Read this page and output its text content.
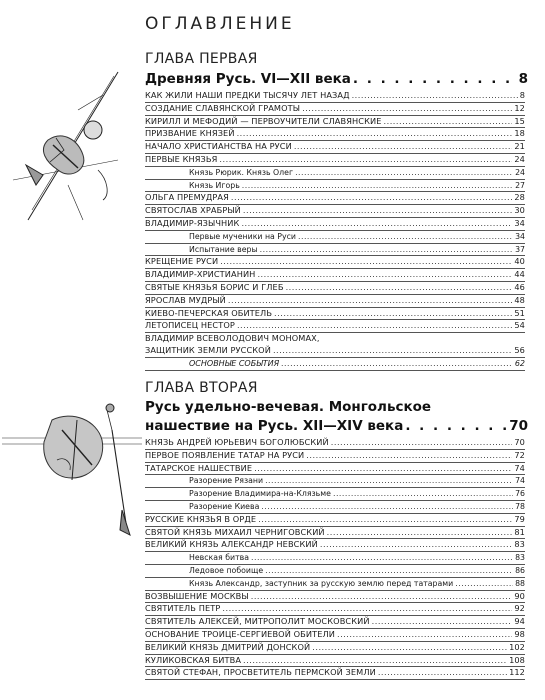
ОГЛАВЛЕНИЕ
ГЛАВА ПЕРВАЯ
Древняя Русь. VI—XII века . . .	8
КАК ЖИЛИ НАШИ ПРЕДКИ ТЫСЯЧУ ЛЕТ НАЗАД .....	8
СОЗДАНИЕ СЛАВЯНСКОЙ ГРАМОТЫ .....	12
КИРИЛЛ И МЕФОДИЙ — ПЕРВОУЧИТЕЛИ СЛАВЯНСКИЕ .....	15
ПРИЗВАНИЕ КНЯЗЕЙ .....	18
НАЧАЛО ХРИСТИАНСТВА НА РУСИ .....	21
ПЕРВЫЕ КНЯЗЬЯ .....	24
Князь Рюрик. Князь Олег .....	24
Князь Игорь .....	27
ОЛЬГА ПРЕМУДРАЯ .....	28
СВЯТОСЛАВ ХРАБРЫЙ .....	30
ВЛАДИМИР-ЯЗЫЧНИК .....	34
Первые мученики на Руси .....	34
Испытание веры .....	37
КРЕЩЕНИЕ РУСИ .....	40
ВЛАДИМИР-ХРИСТИАНИН .....	44
СВЯТЫЕ КНЯЗЬЯ БОРИС И ГЛЕБ .....	46
ЯРОСЛАВ МУДРЫЙ .....	48
КИЕВО-ПЕЧЕРСКАЯ ОБИТЕЛЬ .....	51
ЛЕТОПИСЕЦ НЕСТОР .....	54
ВЛАДИМИР ВСЕВОЛОДОВИЧ МОНОМАХ,
ЗАЩИТНИК ЗЕМЛИ РУССКОЙ .....	56
ОСНОВНЫЕ СОБЫТИЯ .....	62
ГЛАВА ВТОРАЯ
Русь удельно-вечевая. Монгольское
нашествие на Русь. XII—XIV века . . .	70
КНЯЗЬ АНДРЕЙ ЮРЬЕВИЧ БОГОЛЮБСКИЙ .....	70
ПЕРВОЕ ПОЯВЛЕНИЕ ТАТАР НА РУСИ .....	72
ТАТАРСКОЕ НАШЕСТВИЕ .....	74
Разорение Рязани .....	74
Разорение Владимира-на-Клязьме .....	76
Разорение Киева .....	78
РУССКИЕ КНЯЗЬЯ В ОРДЕ .....	79
СВЯТОЙ КНЯЗЬ МИХАИЛ ЧЕРНИГОВСКИЙ .....	81
ВЕЛИКИЙ КНЯЗЬ АЛЕКСАНДР НЕВСКИЙ .....	83
Невская битва .....	83
Ледовое побоище .....	86
Князь Александр, заступник за русскую землю перед татарами .....	88
ВОЗВЫШЕНИЕ МОСКВЫ .....	90
СВЯТИТЕЛЬ ПЕТР .....	92
СВЯТИТЕЛЬ АЛЕКСЕЙ, МИТРОПОЛИТ МОСКОВСКИЙ .....	94
ОСНОВАНИЕ ТРОИЦЕ-СЕРГИЕВОЙ ОБИТЕЛИ .....	98
ВЕЛИКИЙ КНЯЗЬ ДМИТРИЙ ДОНСКОЙ .....	102
КУЛИКОВСКАЯ БИТВА .....	108
СВЯТОЙ СТЕФАН, ПРОСВЕТИТЕЛЬ ПЕРМСКОЙ ЗЕМЛИ .....	112
